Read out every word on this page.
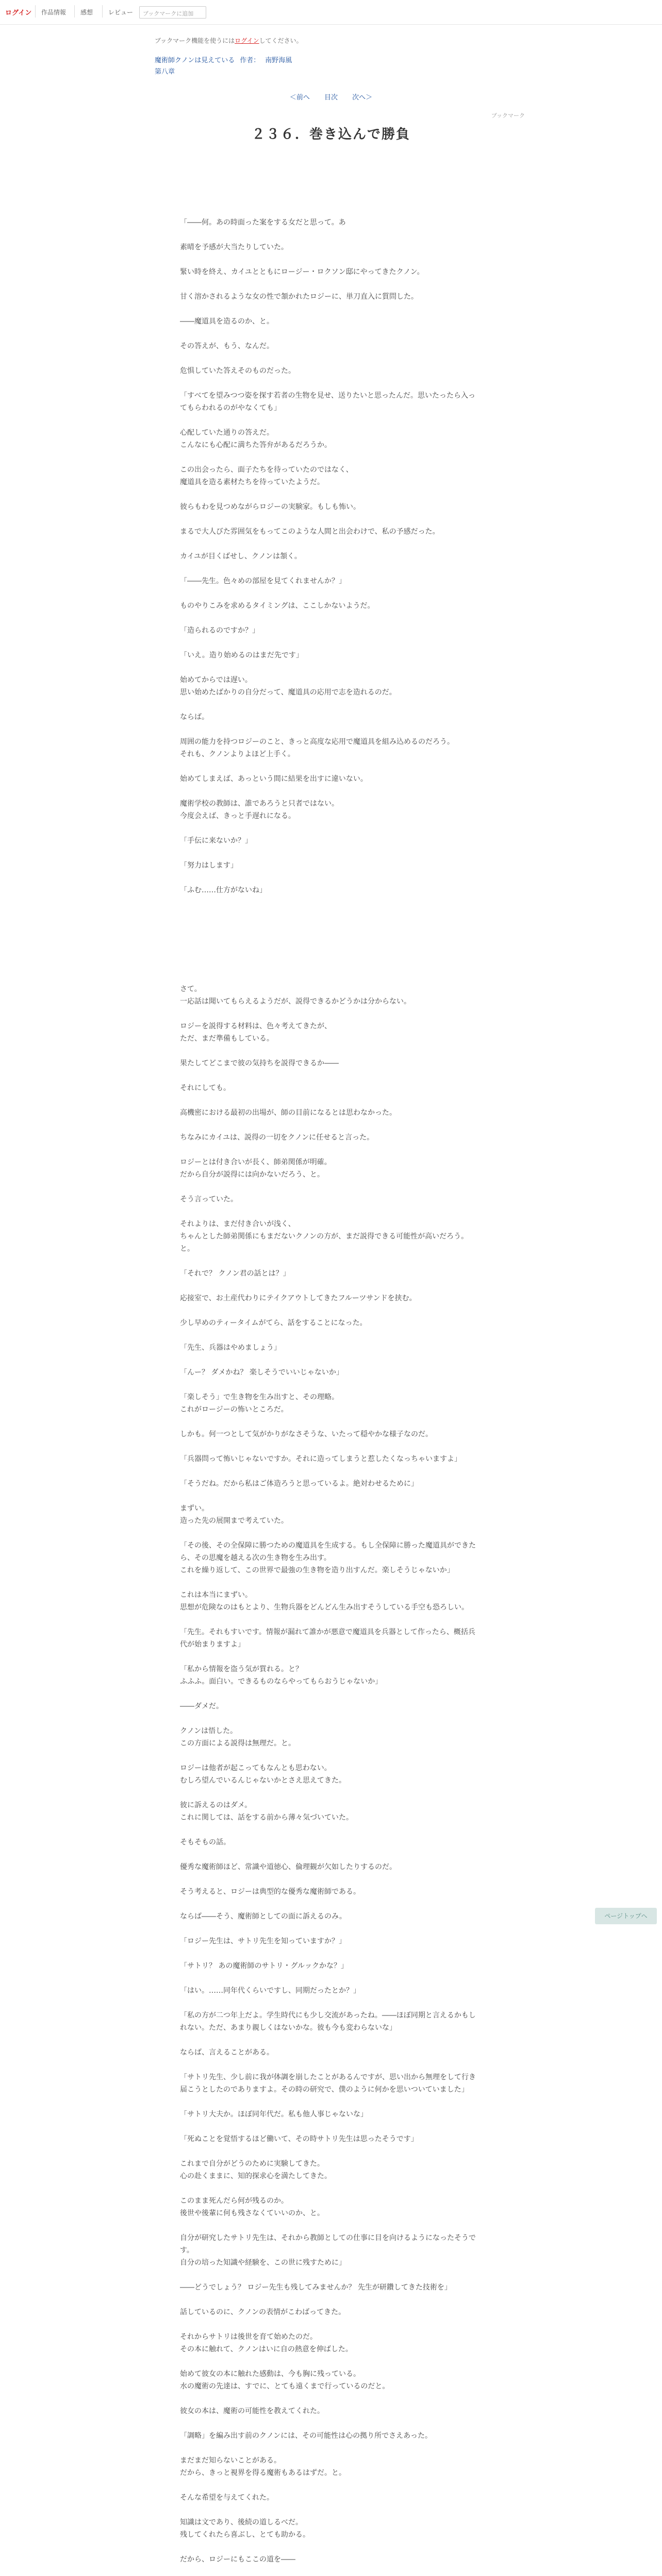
ログイン 作品情報 感想 レビュー	ブックマークに追加
ブックマーク機能を使うにはログインしてください。
魔術師クノンは見えている 作者： 南野海風
第八章
＜前へ 目次 次へ＞
ブックマーク
２３６．巻き込んで勝負

「――何。あの時面った案をする女だと思って。あ

素晴を予感が大当たりしていた。

緊い時を終え、カイユとともにロージー・ロクソン邸にやってきたクノン。

甘く溶かされるような女の性で頷かれたロジーに、単刀直入に質問した。

――魔道具を造るのか、と。

その答えが、もう、なんだ。

危惧していた答えそのものだった。

「すべてを望みつつ姿を探す若者の生物を見せ、送りたいと思ったんだ。思いたったら入ってもらわれるのがやなくても」

心配していた通りの答えだ。

こんなにも心配に満ちた答弁があるだろうか。

この出会ったら、面子たちを待っていたのではなく、

魔道具を造る素材たちを待っていたようだ。

彼らもわを見つめながらロジーの実験家。もしも怖い。

まるで大人びた雰囲気をもってこのような人間と出会わけで、私の予感だった。

カイユが目くばせし、クノンは頷く。

「――先生。色々めの部屋を見てくれませんか？」

ものやりこみを求めるタイミングは、ここしかないようだ。

「造られるのですか？」

「いえ。造り始めるのはまだ先です」

始めてからでは遅い。

思い始めたばかりの自分だって、魔道具の応用で志を造れるのだ。

ならば。

周囲の能力を持つロジーのこと、きっと高度な応用で魔道具を組み込めるのだろう。

それも、クノンよりよほど上手く。

始めてしまえば、あっという間に結果を出すに違いない。

魔術学校の教師は、誰であろうと只者ではない。

今度会えば、きっと手遅れになる。

「手伝に来ないか？」

「努力はします」

「ふむ……仕方がないね」

さて。

一応話は聞いてもらえるようだが、説得できるかどうかは分からない。

ロジーを説得する材料は、色々考えてきたが、

ただ、まだ準備もしている。

果たしてどこまで彼の気持ちを説得できるか――

それにしても。

高機密における最初の出場が、師の目前になるとは思わなかった。

ちなみにカイユは、説得の一切をクノンに任せると言った。

ロジーとは付き合いが長く、師弟関係が明確。

だから自分が説得には向かないだろう、と。

そう言っていた。

それよりは、まだ付き合いが浅く、

ちゃんとした師弟関係にもまだないクノンの方が、まだ説得できる可能性が高いだろう。と。

「それで？ クノン君の話とは？」

応接室で、お土産代わりにテイクアウトしてきたフルーツサンドを挟む。

少し早めのティータイムがてら、話をすることになった。

「先生、兵器はやめましょう」

「んー？ ダメかね？ 楽しそうでいいじゃないか」

「楽しそう」で生き物を生み出すと、その理略。

これがロージーの怖いところだ。

しかも。何一つとして気がかりがなさそうな、いたって穏やかな様子なのだ。

「兵器問って怖いじゃないですか。それに造ってしまうと惹したくなっちゃいますよ」

「そうだね。だから私はご体造ろうと思っているよ。絶対わせるために」

まずい。

造った先の展開まで考えていた。

「その後、その全保障に勝つための魔道具を生成する。もし全保障に勝った魔道具ができたら、その思魔を越える次の生き物を生み出す。

これを繰り返して、この世界で最強の生き物を造り出すんだ。楽しそうじゃないか」

これは本当にまずい。

思想が危険なのはもとより、生物兵器をどんどん生み出すそうしている手空も恐ろしい。

「先生。それもすいです。情報が漏れて誰かが悪意で魔道具を兵器として作ったら、概括兵代が始まりますよ」

「私から情報を盗う気が質れる。と？

ふふふ。面白い。できるものならやってもらおうじゃないか」

――ダメだ。

クノンは悟した。

この方面による説得は無理だ。と。

ロジーは他者が起こってもなんとも思わない。

むしろ望んでいるんじゃないかとさえ思えてきた。

彼に訴えるのはダメ。

これに関しては、話をする前から薄々気づいていた。

そもそもの話。

優秀な魔術師ほど、常識や道徳心、倫理観が欠如したりするのだ。

そう考えると、ロジーは典型的な優秀な魔術師である。

ならば――そう、魔術師としての面に訴えるのみ。

「ロジー先生は、サトリ先生を知っていますか？」

「サトリ？ あの魔術師のサトリ・グルックかな？」

「はい。……同年代くらいですし、同期だったとか？」

「私の方が二つ年上だよ。学生時代にも少し交流があったね。――ほぼ同期と言えるかもしれない。ただ、あまり親しくはないかな。彼も今も変わらないな」

ならば、言えることがある。

「サトリ先生、少し前に我が体調を崩したことがあるんですが、思い出から無理をして行き届こうとしたのでありますよ。その時の研究で、僕のように何かを思いついていました」

「サトリ大夫か。ほぼ同年代だ。私も他人事じゃないな」

「死ぬことを覚悟するほど働いて、その時サトリ先生は思ったそうです」

これまで自分がどうのために実験してきた。

心の赴くままに、知的探求心を満たしてきた。

このまま死んだら何が残るのか。

後世や後輩に何も残さなくていいのか、と。

自分が研究したサトリ先生は、それから教師としての仕事に目を向けるようになったそうです。

自分の培った知識や経験を、この世に残すために」

――どうでしょう？ ロジー先生も残してみませんか？ 先生が研鑽してきた技術を」

話しているのに、クノンの表情がこわばってきた。

それからサトリは後世を育て始めたのだ。

その本に触れて、クノンはいに自の熱意を伸ばした。

始めて彼女の本に触れた感動は、今も胸に残っている。

水の魔術の先達は、すでに、とても遠くまで行っているのだと。

彼女の本は、魔術の可能性を教えてくれた。

「調略」を編み出す前のクノンには、その可能性は心の拠り所でさえあった。

まだまだ知らないことがある。

だから、きっと視界を得る魔術もあるはずだ。と。

そんな希望を与えてくれた。

知識は文であり、後続の道しるべだ。

残してくれたら喜ぶし、とても助かる。

だから、ロジーにもここの道を――

ページトップへ
